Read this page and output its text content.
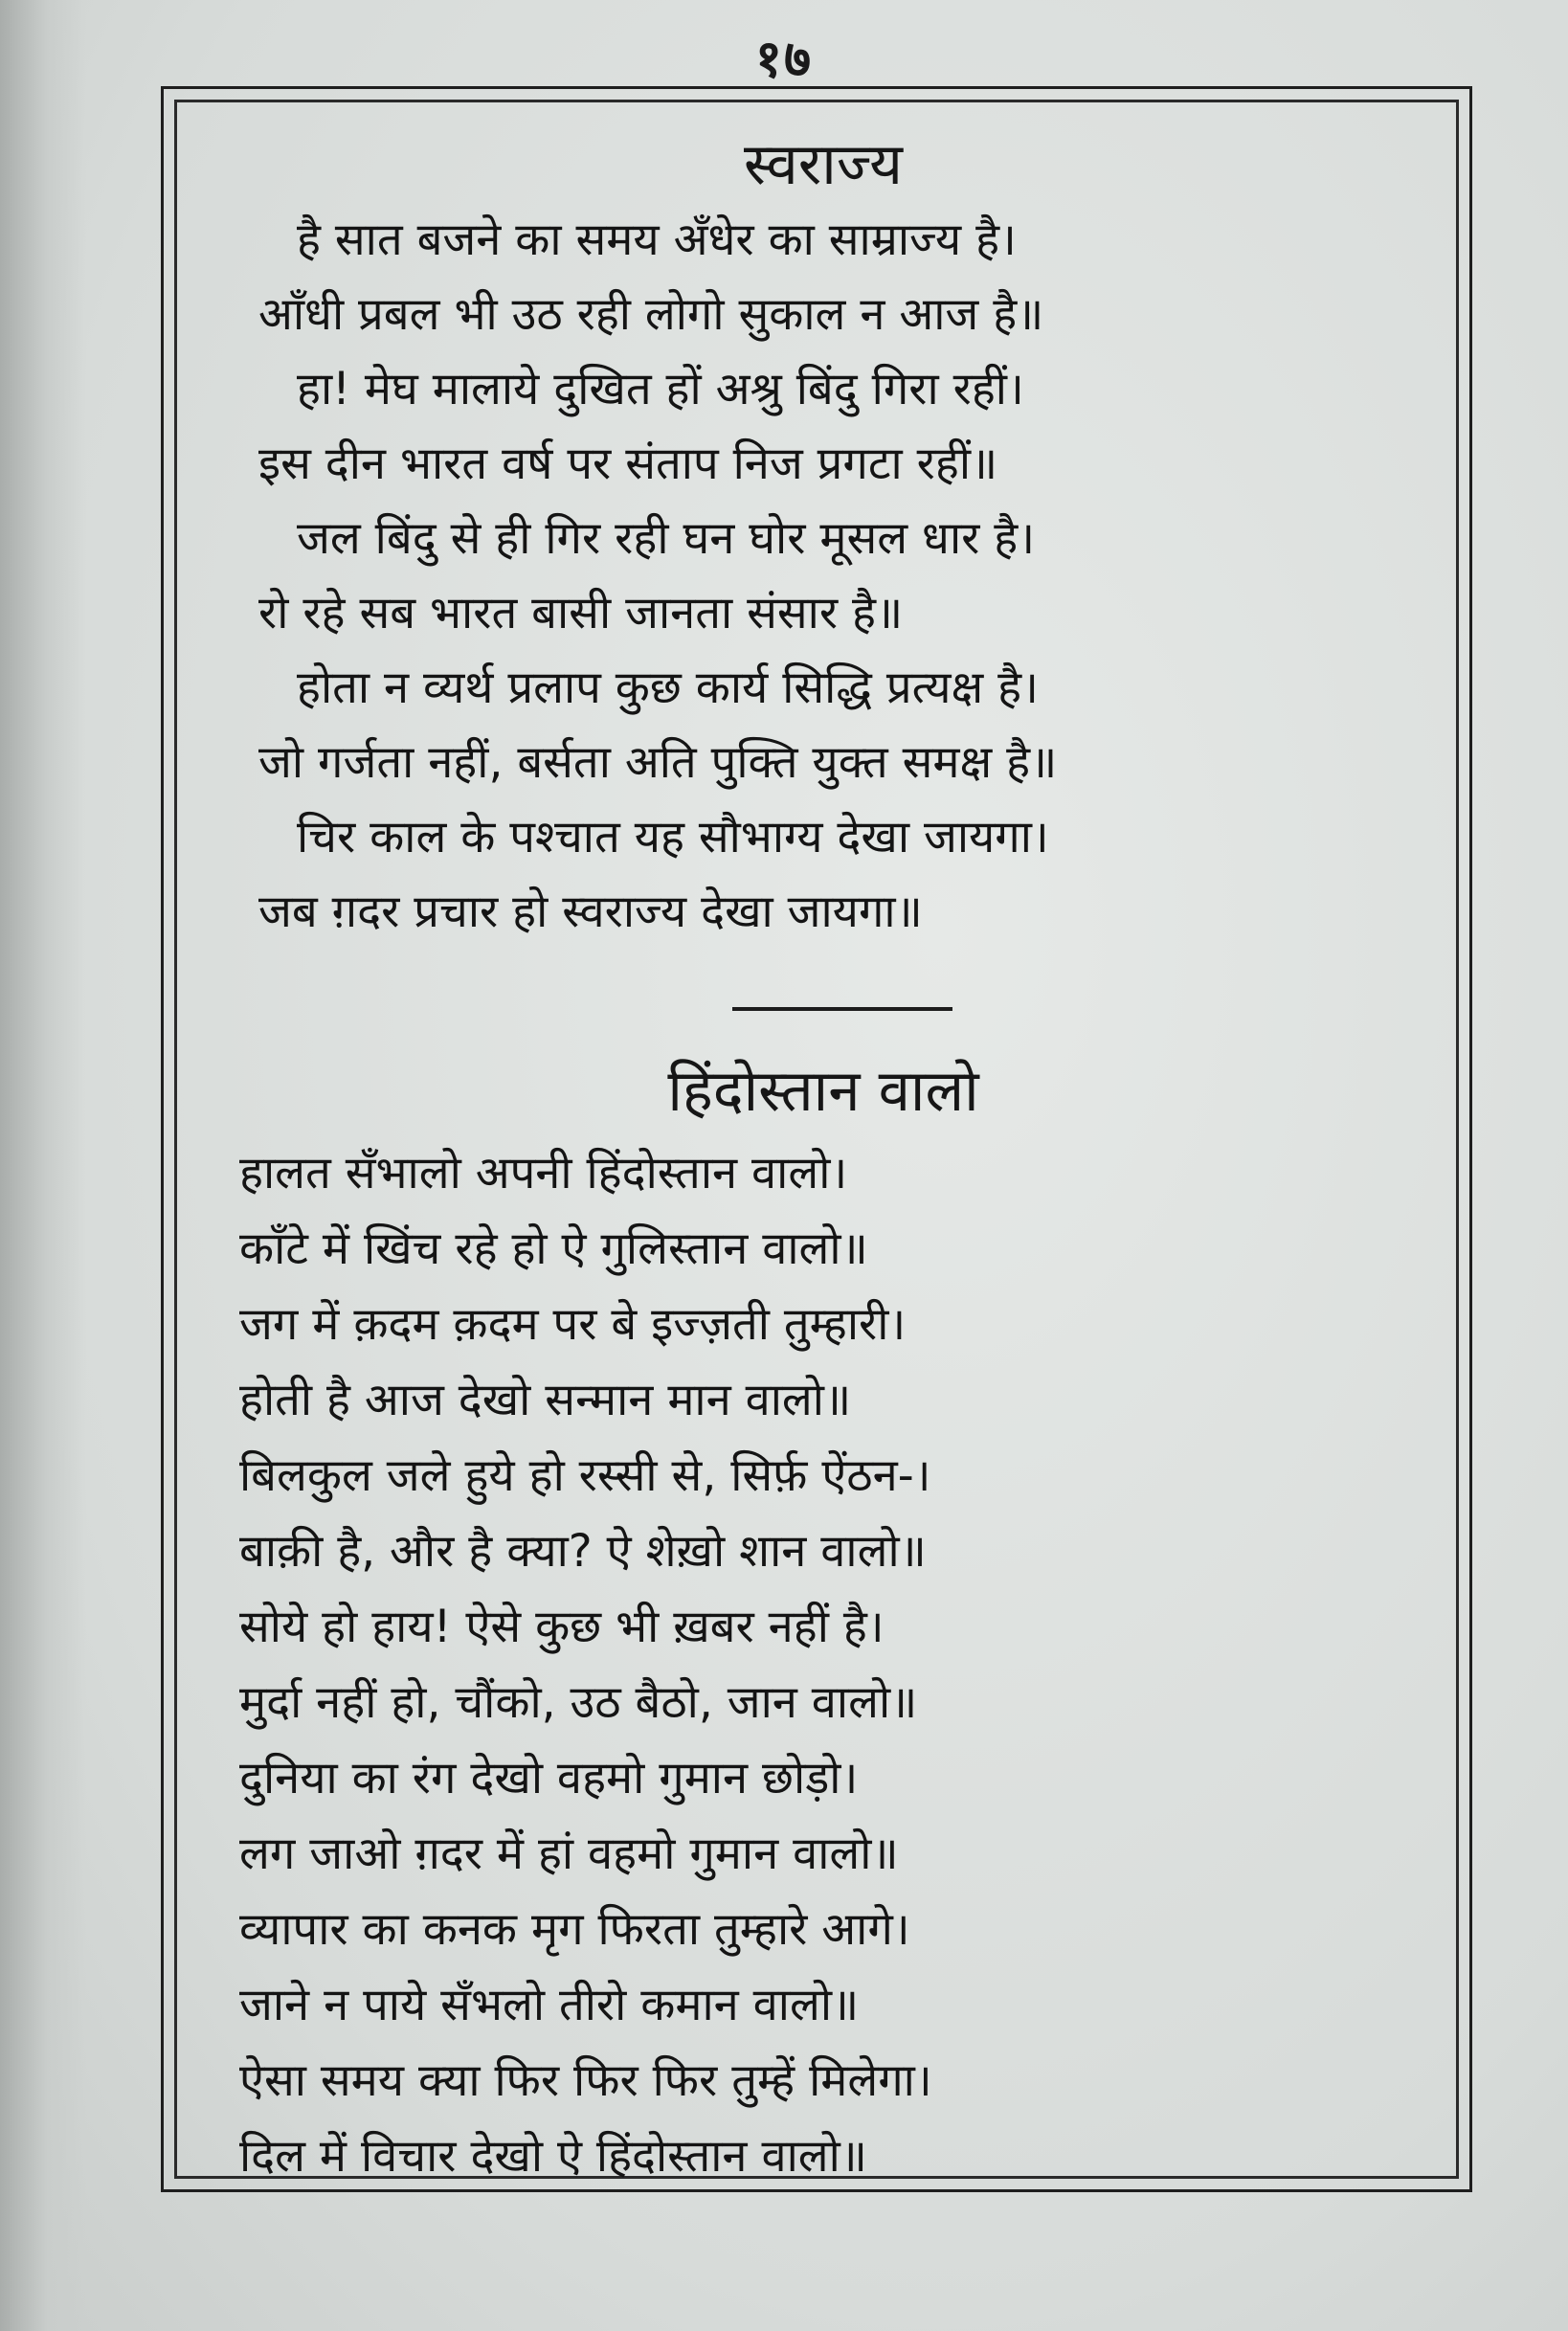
१७
स्वराज्य
है सात बजने का समय अँधेर का साम्राज्य है।
आँधी प्रबल भी उठ रही लोगो सुकाल न आज है॥
हा! मेघ मालाये दुखित हों अश्रु बिंदु गिरा रहीं।
इस दीन भारत वर्ष पर संताप निज प्रगटा रहीं॥
जल बिंदु से ही गिर रही घन घोर मूसल धार है।
रो रहे सब भारत बासी जानता संसार है॥
होता न व्यर्थ प्रलाप कुछ कार्य सिद्धि प्रत्यक्ष है।
जो गर्जता नहीं, बर्सता अति पुक्ति युक्त समक्ष है॥
चिर काल के पश्चात यह सौभाग्य देखा जायगा।
जब ग़दर प्रचार हो स्वराज्य देखा जायगा॥
हिंदोस्तान वालो
हालत सँभालो अपनी हिंदोस्तान वालो।
काँटे में खिंच रहे हो ऐ गुलिस्तान वालो॥
जग में क़दम क़दम पर बे इज्ज़ती तुम्हारी।
होती है आज देखो सन्मान मान वालो॥
बिलकुल जले हुये हो रस्सी से, सिर्फ़ ऐंठन-।
बाक़ी है, और है क्या? ऐ शेख़ो शान वालो॥
सोये हो हाय! ऐसे कुछ भी ख़बर नहीं है।
मुर्दा नहीं हो, चौंको, उठ बैठो, जान वालो॥
दुनिया का रंग देखो वहमो गुमान छोड़ो।
लग जाओ ग़दर में हां वहमो गुमान वालो॥
व्यापार का कनक मृग फिरता तुम्हारे आगे।
जाने न पाये सँभलो तीरो कमान वालो॥
ऐसा समय क्या फिर फिर फिर तुम्हें मिलेगा।
दिल में विचार देखो ऐ हिंदोस्तान वालो॥
